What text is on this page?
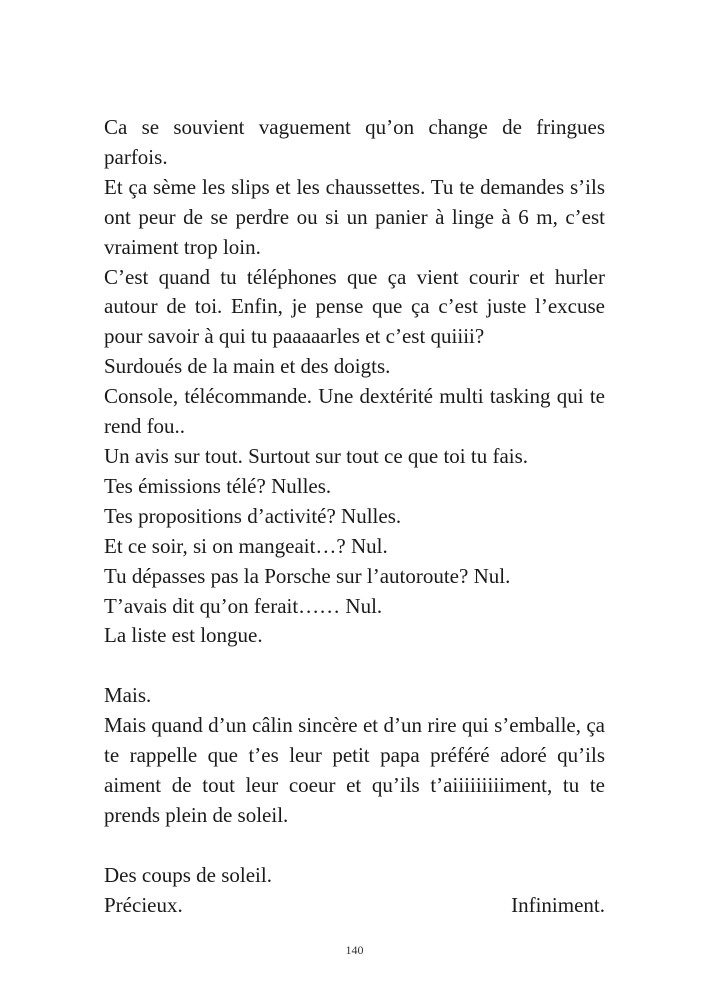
Ca se souvient vaguement qu’on change de fringues parfois.

Et ça sème les slips et les chaussettes. Tu te demandes s’ils ont peur de se perdre ou si un panier à linge à 6 m, c’est vraiment trop loin.

C’est quand tu téléphones que ça vient courir et hurler autour de toi. Enfin, je pense que ça c’est juste l’excuse pour savoir à qui tu paaaaarles et c’est quiiii?

Surdoués de la main et des doigts.

Console, télécommande. Une dextérité multi tasking qui te rend fou..

Un avis sur tout. Surtout sur tout ce que toi tu fais.

Tes émissions télé? Nulles.

Tes propositions d’activité? Nulles.

Et ce soir, si on mangeait…? Nul.

Tu dépasses pas la Porsche sur l’autoroute? Nul.

T’avais dit qu’on ferait…… Nul.

La liste est longue.

Mais.

Mais quand d’un câlin sincère et d’un rire qui s’emballe, ça te rappelle que t’es leur petit papa préféré adoré qu’ils aiment de tout leur coeur et qu’ils t’aiiiiiiiiiment, tu te prends plein de soleil.

Des coups de soleil.

Précieux.	Infiniment.
140
